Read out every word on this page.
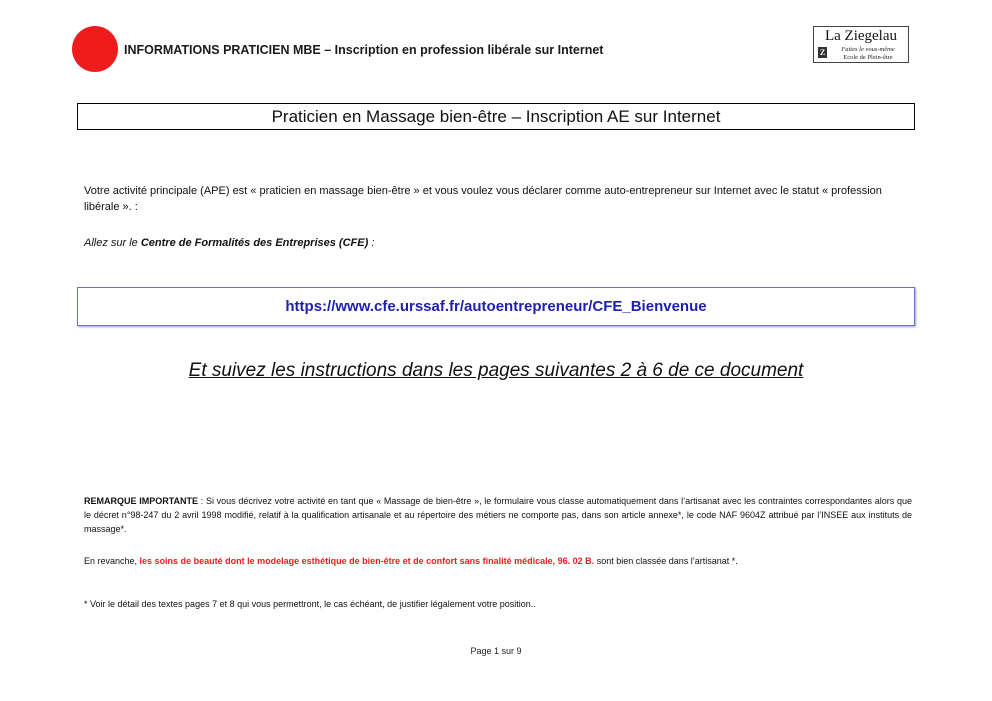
INFORMATIONS PRATICIEN MBE – Inscription en profession libérale sur Internet
La Ziegelau
Z	Faites le vous-même
Ecole de Plein-être
Praticien en Massage bien-être – Inscription AE sur Internet
Votre activité principale (APE) est « praticien en massage bien-être » et vous voulez vous déclarer comme auto-entrepreneur sur Internet avec le statut « profession libérale ». :
Allez sur le Centre de Formalités des Entreprises (CFE) :
https://www.cfe.urssaf.fr/autoentrepreneur/CFE_Bienvenue
Et suivez les instructions dans les pages suivantes 2 à 6 de ce document
REMARQUE IMPORTANTE : Si vous décrivez votre activité en tant que « Massage de bien-être », le formulaire vous classe automatiquement dans l’artisanat avec les contraintes correspondantes alors que le décret n°98-247 du 2 avril 1998 modifié, relatif à la qualification artisanale et au répertoire des métiers ne comporte pas, dans son article annexe*, le code NAF 9604Z attribué par l’INSEE aux instituts de massage*.
En revanche, les soins de beauté dont le modelage esthétique de bien-être et de confort sans finalité médicale, 96. 02 B. sont bien classée dans l’artisanat *.
* Voir le détail des textes pages 7 et 8 qui vous permettront, le cas échéant, de justifier légalement votre position..
Page 1 sur 9
